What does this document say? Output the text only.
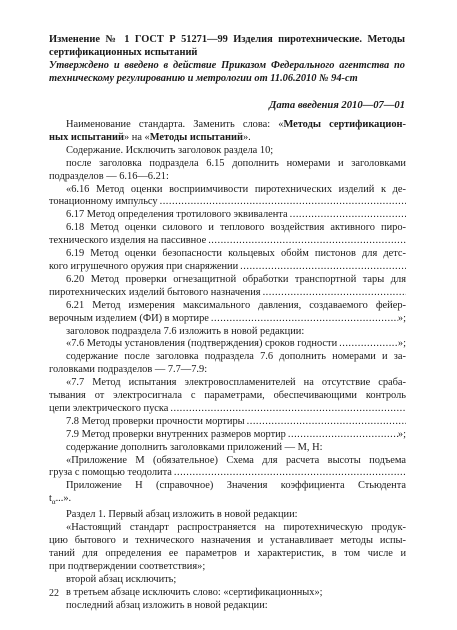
Изменение № 1 ГОСТ Р 51271—99 Изделия пиротехнические. Методы
сертификационных испытаний
Утверждено и введено в действие Приказом Федерального агентства по
техническому регулированию и метрологии от 11.06.2010 № 94-ст
Дата введения 2010—07—01
Наименование стандарта. Заменить слова: «Методы сертификацион-
ных испытаний» на «Методы испытаний».
Содержание. Исключить заголовок раздела 10;
после заголовка подраздела 6.15 дополнить номерами и заголовками
подразделов — 6.16—6.21:
«6.16 Метод оценки восприимчивости пиротехнических изделий к де-
тонационному импульсу
.....
6.17 Метод определения тротилового эквивалента
.....
6.18 Метод оценки силового и теплового воздействия активного пиро-
технического изделия на пассивное
.....
6.19 Метод оценки безопасности кольцевых обойм пистонов для детс-
кого игрушечного оружия при снаряжении
.....
6.20 Метод проверки огнезащитной обработки транспортной тары для
пиротехнических изделий бытового назначения
.....
6.21 Метод измерения максимального давления, создаваемого фейер-
верочным изделием (ФИ) в мортире .....	»;
заголовок подраздела 7.6 изложить в новой редакции:
«7.6 Методы установления (подтверждения) сроков годности .....	»;
содержание после заголовка подраздела 7.6 дополнить номерами и за-
головками подразделов — 7.7—7.9:
«7.7 Метод испытания электровоспламенителей на отсутствие сраба-
тывания от электросигнала с параметрами, обеспечивающими контроль
цепи электрического пуска
.....
7.8 Метод проверки прочности мортиры
.....
7.9 Метод проверки внутренних размеров мортир .....	»;
содержание дополнить заголовками приложений — М, Н:
«Приложение М (обязательное) Схема для расчета высоты подъема
груза с помощью теодолита
.....
Приложение Н (справочное) Значения коэффициента Стьюдента
$t_\alpha$...».
Раздел 1. Первый абзац изложить в новой редакции:
«Настоящий стандарт распространяется на пиротехническую продук-
цию бытового и технического назначения и устанавливает методы испы-
таний для определения ее параметров и характеристик, в том числе и
при подтверждении соответствия»;
второй абзац исключить;
в третьем абзаце исключить слово: «сертификационных»;
последний абзац изложить в новой редакции:
22
